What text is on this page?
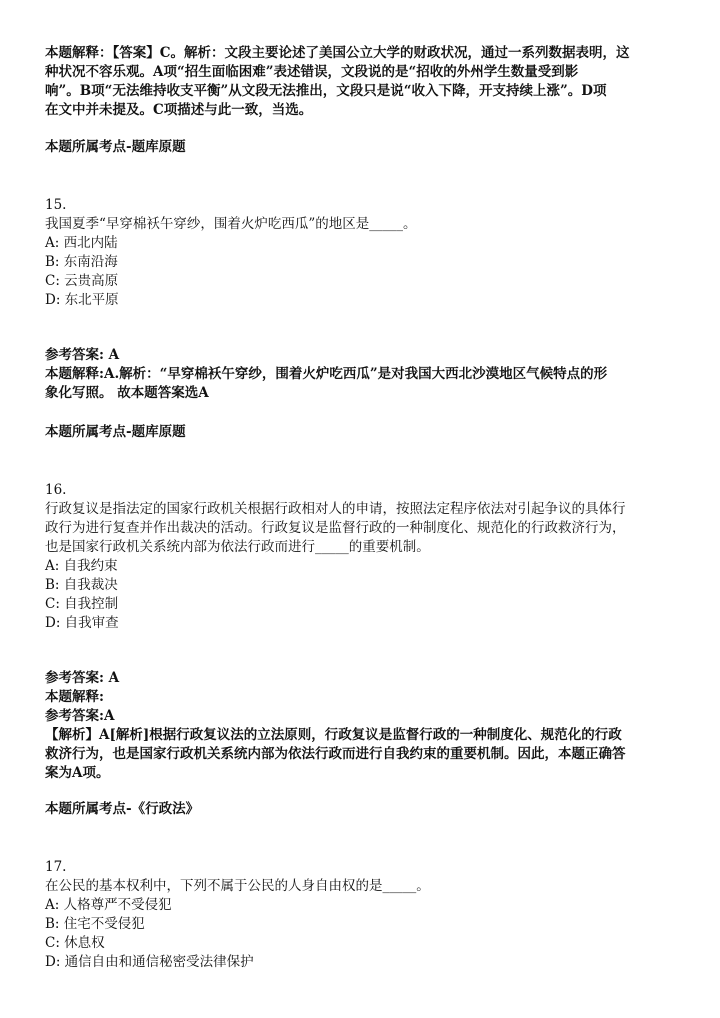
本题解释：【答案】C。解析：文段主要论述了美国公立大学的财政状况，通过一系列数据表明，这
种状况不容乐观。A项“招生面临困难”表述错误，文段说的是“招收的外州学生数量受到影
响”。B项“无法维持收支平衡”从文段无法推出，文段只是说“收入下降，开支持续上涨”。D项
在文中并未提及。C项描述与此一致，当选。
本题所属考点-题库原题
15.
我国夏季“早穿棉袄午穿纱，围着火炉吃西瓜”的地区是_____。
A: 西北内陆
B: 东南沿海
C: 云贵高原
D: 东北平原
参考答案: A
本题解释:A.解析：“早穿棉袄午穿纱，围着火炉吃西瓜”是对我国大西北沙漠地区气候特点的形
象化写照。 故本题答案选A
本题所属考点-题库原题
16.
行政复议是指法定的国家行政机关根据行政相对人的申请，按照法定程序依法对引起争议的具体行
政行为进行复查并作出裁决的活动。行政复议是监督行政的一种制度化、规范化的行政救济行为，
也是国家行政机关系统内部为依法行政而进行_____的重要机制。
A: 自我约束
B: 自我裁决
C: 自我控制
D: 自我审查
参考答案: A
本题解释:
参考答案:A
【解析】A[解析]根据行政复议法的立法原则，行政复议是监督行政的一种制度化、规范化的行政
救济行为，也是国家行政机关系统内部为依法行政而进行自我约束的重要机制。因此，本题正确答
案为A项。
本题所属考点-《行政法》
17.
在公民的基本权利中，下列不属于公民的人身自由权的是_____。
A: 人格尊严不受侵犯
B: 住宅不受侵犯
C: 休息权
D: 通信自由和通信秘密受法律保护
